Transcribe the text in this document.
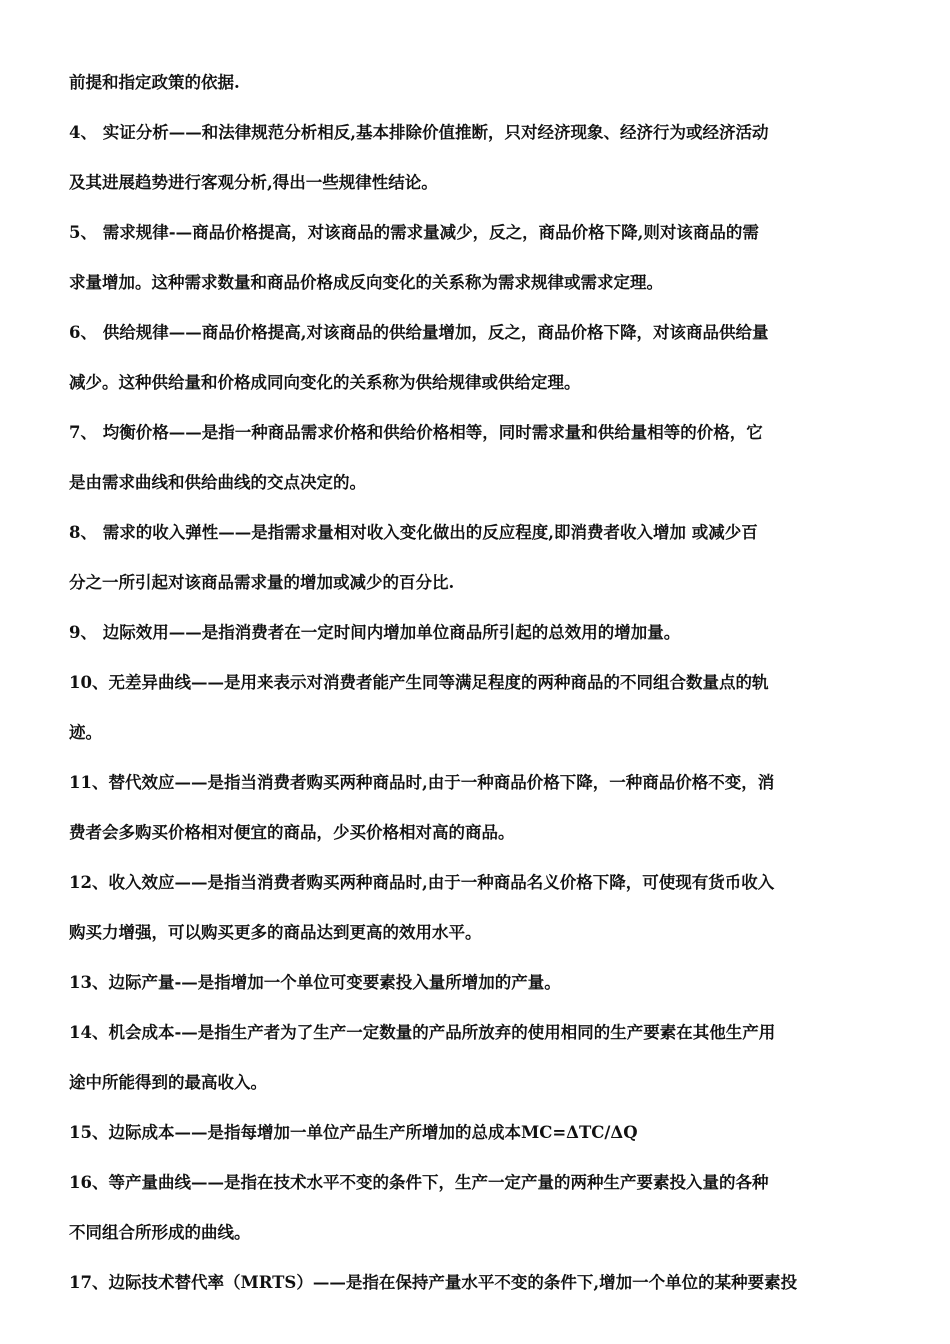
前提和指定政策的依据.
4、 实证分析——和法律规范分析相反,基本排除价值推断，只对经济现象、经济行为或经济活动
及其进展趋势进行客观分析,得出一些规律性结论。
5、 需求规律-—商品价格提高，对该商品的需求量减少，反之，商品价格下降,则对该商品的需
求量增加。这种需求数量和商品价格成反向变化的关系称为需求规律或需求定理。
6、 供给规律——商品价格提高,对该商品的供给量增加，反之，商品价格下降，对该商品供给量
减少。这种供给量和价格成同向变化的关系称为供给规律或供给定理。
7、 均衡价格——是指一种商品需求价格和供给价格相等，同时需求量和供给量相等的价格，它
是由需求曲线和供给曲线的交点决定的。
8、 需求的收入弹性——是指需求量相对收入变化做出的反应程度,即消费者收入增加 或减少百
分之一所引起对该商品需求量的增加或减少的百分比.
9、 边际效用——是指消费者在一定时间内增加单位商品所引起的总效用的增加量。
10、无差异曲线——是用来表示对消费者能产生同等满足程度的两种商品的不同组合数量点的轨
迹。
11、替代效应——是指当消费者购买两种商品时,由于一种商品价格下降，一种商品价格不变，消
费者会多购买价格相对便宜的商品，少买价格相对高的商品。
12、收入效应——是指当消费者购买两种商品时,由于一种商品名义价格下降，可使现有货币收入
购买力增强，可以购买更多的商品达到更高的效用水平。
13、边际产量-—是指增加一个单位可变要素投入量所增加的产量。
14、机会成本-—是指生产者为了生产一定数量的产品所放弃的使用相同的生产要素在其他生产用
途中所能得到的最高收入。
15、边际成本——是指每增加一单位产品生产所增加的总成本MC=ΔTC/ΔQ
16、等产量曲线——是指在技术水平不变的条件下，生产一定产量的两种生产要素投入量的各种
不同组合所形成的曲线。
17、边际技术替代率（MRTS）——是指在保持产量水平不变的条件下,增加一个单位的某种要素投
